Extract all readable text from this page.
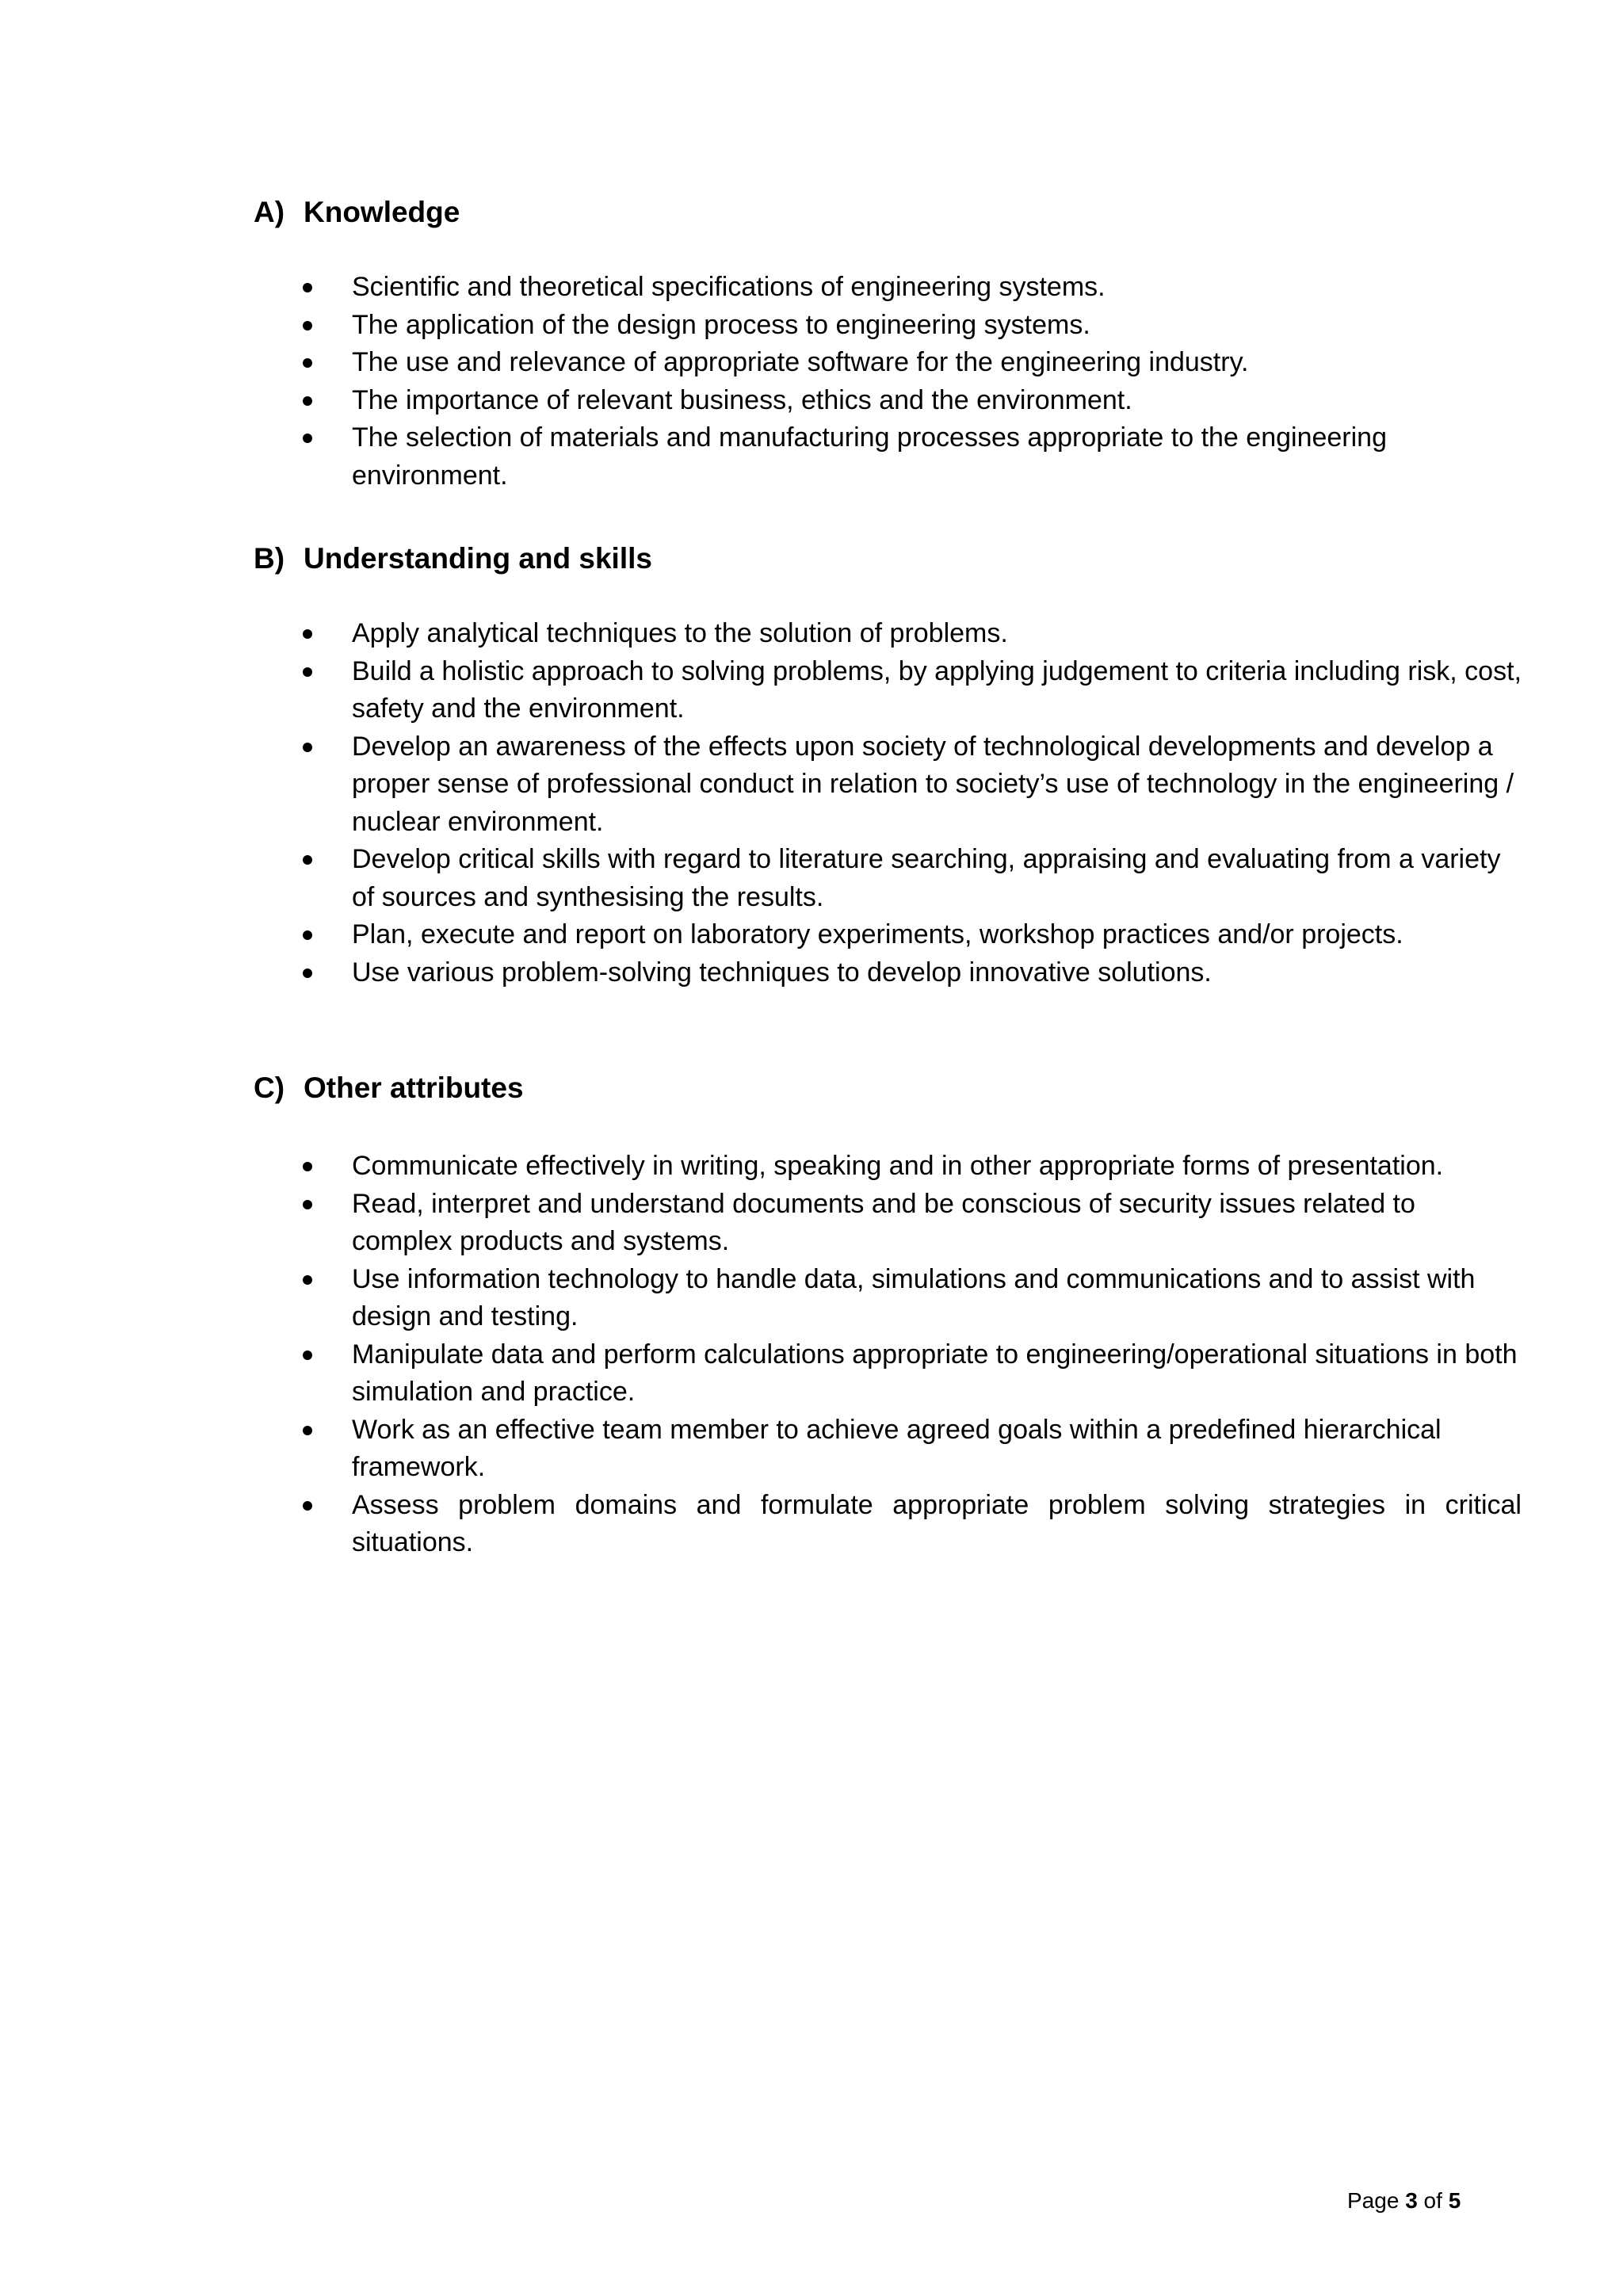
A) Knowledge
Scientific and theoretical specifications of engineering systems.
The application of the design process to engineering systems.
The use and relevance of appropriate software for the engineering industry.
The importance of relevant business, ethics and the environment.
The selection of materials and manufacturing processes appropriate to the engineering environment.
B) Understanding and skills
Apply analytical techniques to the solution of problems.
Build a holistic approach to solving problems, by applying judgement to criteria including risk, cost, safety and the environment.
Develop an awareness of the effects upon society of technological developments and develop a proper sense of professional conduct in relation to society’s use of technology in the engineering / nuclear environment.
Develop critical skills with regard to literature searching, appraising and evaluating from a variety of sources and synthesising the results.
Plan, execute and report on laboratory experiments, workshop practices and/or projects.
Use various problem-solving techniques to develop innovative solutions.
C) Other attributes
Communicate effectively in writing, speaking and in other appropriate forms of presentation.
Read, interpret and understand documents and be conscious of security issues related to complex products and systems.
Use information technology to handle data, simulations and communications and to assist with design and testing.
Manipulate data and perform calculations appropriate to engineering/operational situations in both simulation and practice.
Work as an effective team member to achieve agreed goals within a predefined hierarchical framework.
Assess problem domains and formulate appropriate problem solving strategies in critical situations.
Page 3 of 5
